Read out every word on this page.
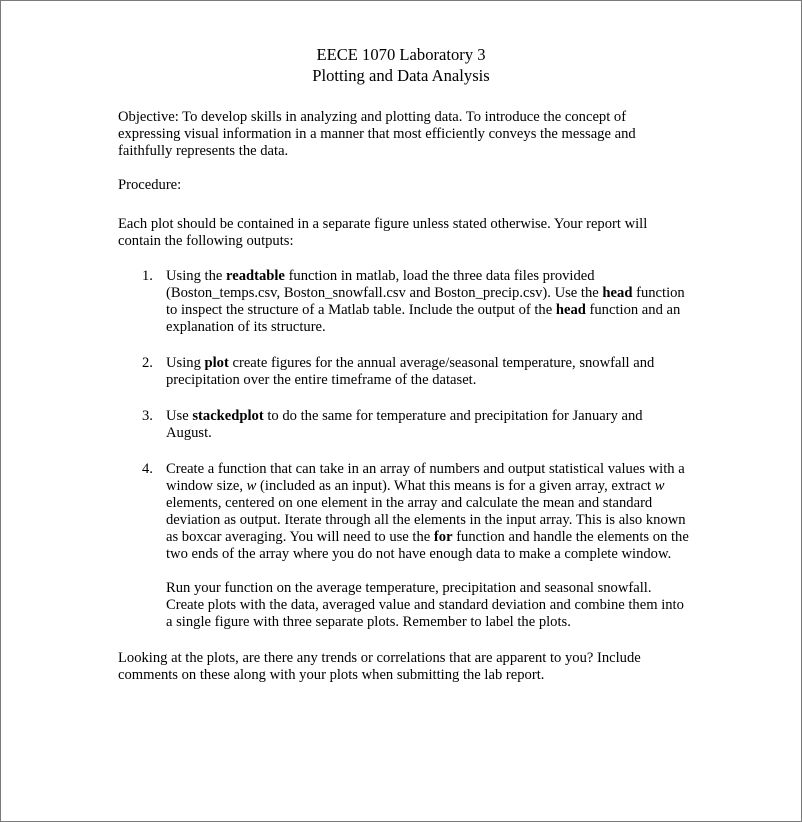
EECE 1070 Laboratory 3
Plotting and Data Analysis

Objective: To develop skills in analyzing and plotting data. To introduce the concept of expressing visual information in a manner that most efficiently conveys the message and faithfully represents the data.

Procedure:

Each plot should be contained in a separate figure unless stated otherwise. Your report will contain the following outputs:

1. Using the readtable function in matlab, load the three data files provided (Boston_temps.csv, Boston_snowfall.csv and Boston_precip.csv). Use the head function to inspect the structure of a Matlab table. Include the output of the head function and an explanation of its structure.
2. Using plot create figures for the annual average/seasonal temperature, snowfall and precipitation over the entire timeframe of the dataset.
3. Use stackedplot to do the same for temperature and precipitation for January and August.
4. Create a function that can take in an array of numbers and output statistical values with a window size, w (included as an input). What this means is for a given array, extract w elements, centered on one element in the array and calculate the mean and standard deviation as output. Iterate through all the elements in the input array. This is also known as boxcar averaging. You will need to use the for function and handle the elements on the two ends of the array where you do not have enough data to make a complete window.

Run your function on the average temperature, precipitation and seasonal snowfall. Create plots with the data, averaged value and standard deviation and combine them into a single figure with three separate plots. Remember to label the plots.

Looking at the plots, are there any trends or correlations that are apparent to you? Include comments on these along with your plots when submitting the lab report.
